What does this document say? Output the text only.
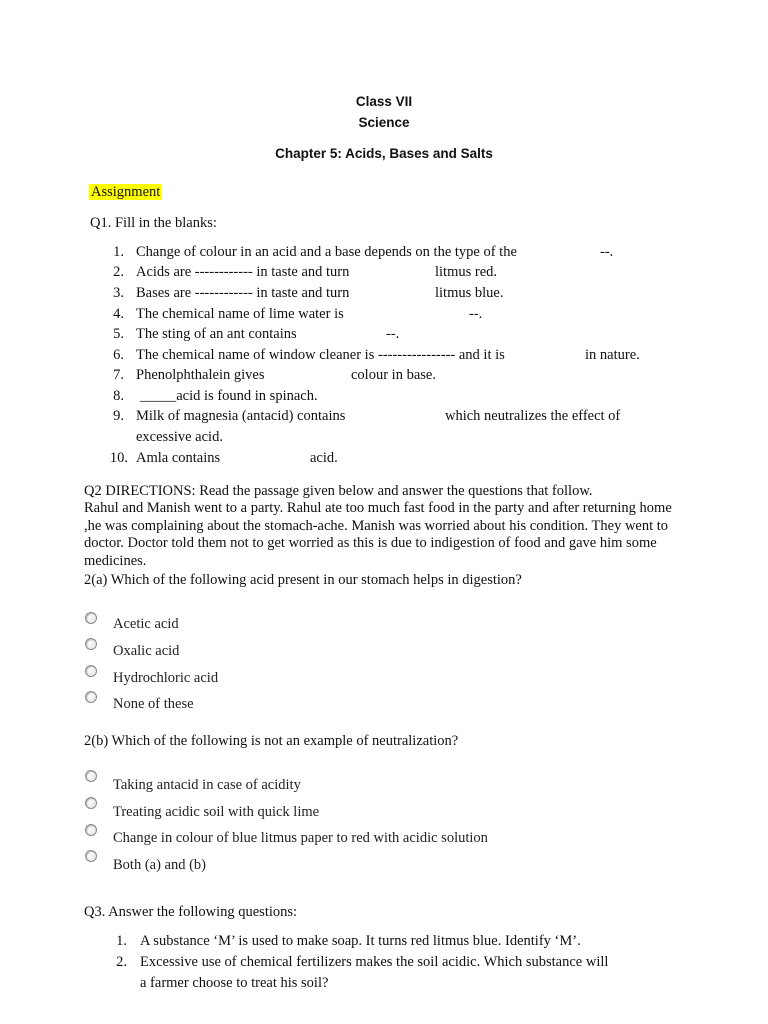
Class VII
Science
Chapter 5: Acids, Bases and Salts
Assignment
Q1. Fill in the blanks:
1. Change of colour in an acid and a base depends on the type of the	--.
2. Acids are ------------ in taste and turn	litmus red.
3. Bases are ------------ in taste and turn	litmus blue.
4. The chemical name of lime water is	--.
5. The sting of an ant contains	--.
6. The chemical name of window cleaner is ---------------- and it is	in nature.
7. Phenolphthalein gives	colour in base.
8. _____acid is found in spinach.
9. Milk of magnesia (antacid) contains	which neutralizes the effect of
excessive acid.
10. Amla contains	acid.
Q2 DIRECTIONS: Read the passage given below and answer the questions that follow.
Rahul and Manish went to a party. Rahul ate too much fast food in the party and after returning home ,he was complaining about the stomach-ache. Manish was worried about his condition. They went to doctor. Doctor told them not to get worried as this is due to indigestion of food and gave him some medicines.
2(a) Which of the following acid present in our stomach helps in digestion?
Acetic acid
Oxalic acid
Hydrochloric acid
None of these
2(b) Which of the following is not an example of neutralization?
Taking antacid in case of acidity
Treating acidic soil with quick lime
Change in colour of blue litmus paper to red with acidic solution
Both (a) and (b)
Q3. Answer the following questions:
1. A substance ‘M’ is used to make soap. It turns red litmus blue. Identify ‘M’.
2. Excessive use of chemical fertilizers makes the soil acidic. Which substance will
a farmer choose to treat his soil?
